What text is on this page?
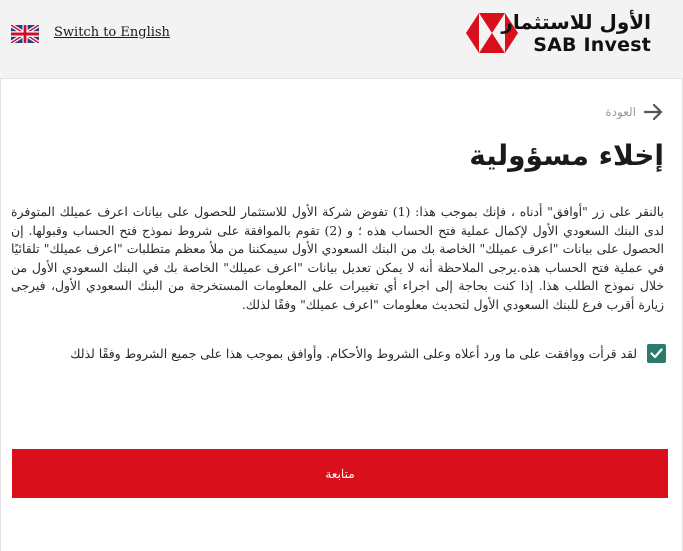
Switch to English	الأول للاستثمار
SAB Invest
العودة
إخلاء مسؤولية

بالنقر على زر "أوافق" أدناه ، فإنك بموجب هذا: (1) تفوض شركة الأول للاستثمار للحصول على بيانات اعرف عميلك المتوفرة لدى البنك السعودي الأول لإكمال عملية فتح الحساب هذه ؛ و (2) تقوم بالموافقة على شروط نموذج فتح الحساب وقبولها. إن الحصول على بيانات "اعرف عميلك" الخاصة بك من البنك السعودي الأول سيمكننا من ملأ معظم متطلبات "اعرف عميلك" تلقائيًا في عملية فتح الحساب هذه.يرجى الملاحظة أنه لا يمكن تعديل بيانات "اعرف عميلك" الخاصة بك في البنك السعودي الأول من خلال نموذج الطلب هذا. إذا كنت بحاجة إلى اجراء أي تغييرات على المعلومات المستخرجة من البنك السعودي الأول، فيرجى زيارة أقرب فرع للبنك السعودي الأول لتحديث معلومات "اعرف عميلك" وفقًا لذلك.

لقد قرأت ووافقت على ما ورد أعلاه وعلى الشروط والأحكام. وأوافق بموجب هذا على جميع الشروط وفقًا لذلك
متابعة
